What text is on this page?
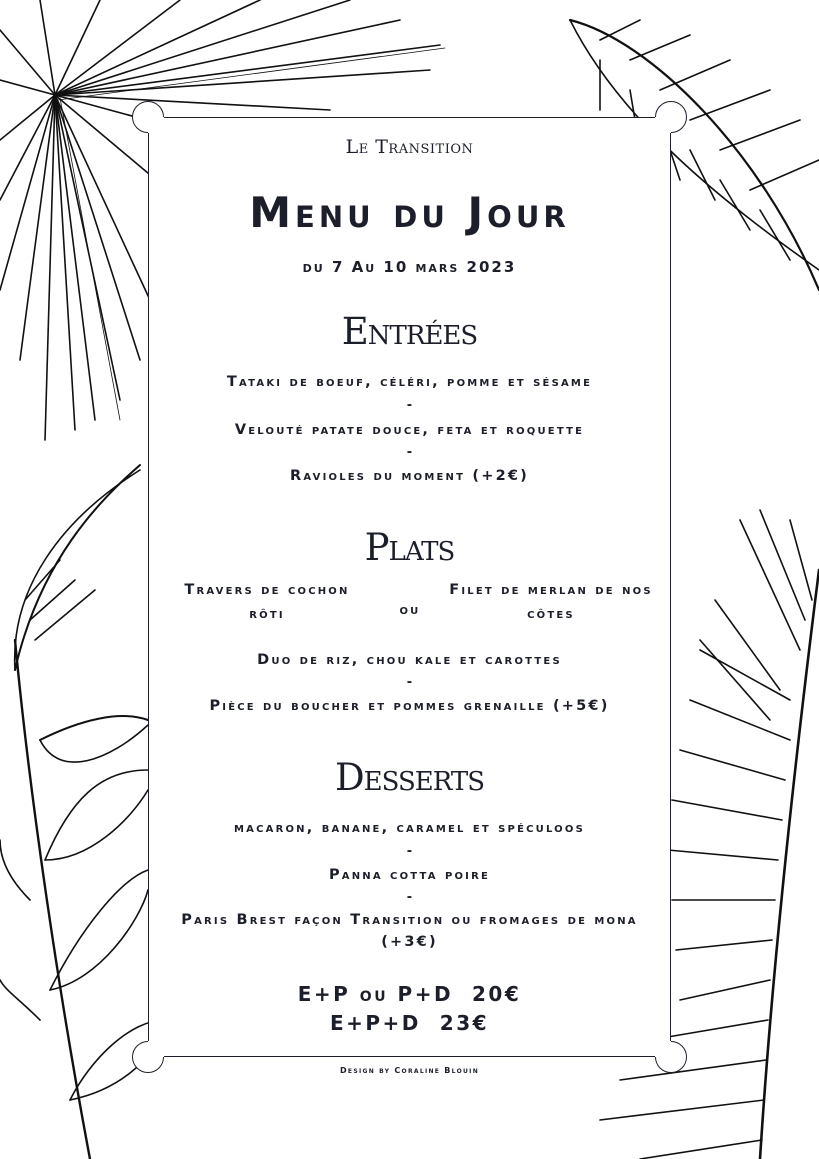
Le Transition
Menu du Jour
du 7 Au 10 mars 2023
Entrées
Tataki de boeuf, céléri, pomme et sésame
-
Velouté patate douce, feta et roquette
-
Ravioles du moment (+2€)
Plats
Travers de cochon
rôti	ou
Filet de merlan de nos
côtes
Duo de riz, chou kale et carottes
-
Pièce du boucher et pommes grenaille (+5€)
Desserts
macaron, banane, caramel et spéculoos
-
Panna cotta poire
-
Paris Brest façon Transition ou fromages de mona
(+3€)
E+P ou P+D  20€
E+P+D  23€
Design by Coraline Blouin
